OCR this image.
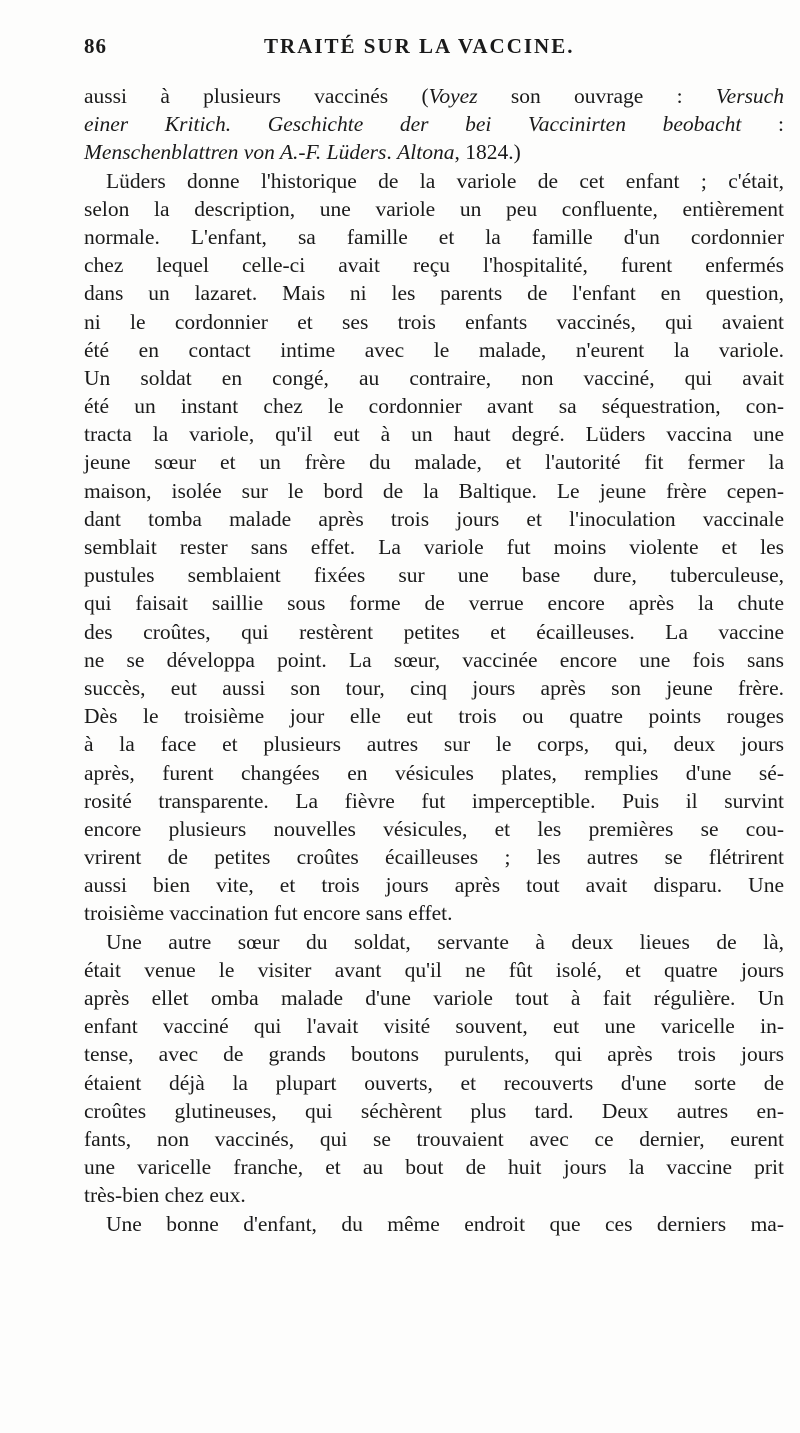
86	TRAITÉ SUR LA VACCINE.
aussi à plusieurs vaccinés (Voyez son ouvrage : Versuch
einer Kritich. Geschichte der bei Vaccinirten beobacht :
Menschenblattren von A.-F. Lüders. Altona, 1824.)
Lüders donne l'historique de la variole de cet enfant ; c'était,
selon la description, une variole un peu confluente, entièrement
normale. L'enfant, sa famille et la famille d'un cordonnier
chez lequel celle-ci avait reçu l'hospitalité, furent enfermés
dans un lazaret. Mais ni les parents de l'enfant en question,
ni le cordonnier et ses trois enfants vaccinés, qui avaient
été en contact intime avec le malade, n'eurent la variole.
Un soldat en congé, au contraire, non vacciné, qui avait
été un instant chez le cordonnier avant sa séquestration, con-
tracta la variole, qu'il eut à un haut degré. Lüders vaccina une
jeune sœur et un frère du malade, et l'autorité fit fermer la
maison, isolée sur le bord de la Baltique. Le jeune frère cepen-
dant tomba malade après trois jours et l'inoculation vaccinale
semblait rester sans effet. La variole fut moins violente et les
pustules semblaient fixées sur une base dure, tuberculeuse,
qui faisait saillie sous forme de verrue encore après la chute
des croûtes, qui restèrent petites et écailleuses. La vaccine
ne se développa point. La sœur, vaccinée encore une fois sans
succès, eut aussi son tour, cinq jours après son jeune frère.
Dès le troisième jour elle eut trois ou quatre points rouges
à la face et plusieurs autres sur le corps, qui, deux jours
après, furent changées en vésicules plates, remplies d'une sé-
rosité transparente. La fièvre fut imperceptible. Puis il survint
encore plusieurs nouvelles vésicules, et les premières se cou-
vrirent de petites croûtes écailleuses ; les autres se flétrirent
aussi bien vite, et trois jours après tout avait disparu. Une
troisième vaccination fut encore sans effet.
Une autre sœur du soldat, servante à deux lieues de là,
était venue le visiter avant qu'il ne fût isolé, et quatre jours
après ellet omba malade d'une variole tout à fait régulière. Un
enfant vacciné qui l'avait visité souvent, eut une varicelle in-
tense, avec de grands boutons purulents, qui après trois jours
étaient déjà la plupart ouverts, et recouverts d'une sorte de
croûtes glutineuses, qui séchèrent plus tard. Deux autres en-
fants, non vaccinés, qui se trouvaient avec ce dernier, eurent
une varicelle franche, et au bout de huit jours la vaccine prit
très-bien chez eux.
Une bonne d'enfant, du même endroit que ces derniers ma-
